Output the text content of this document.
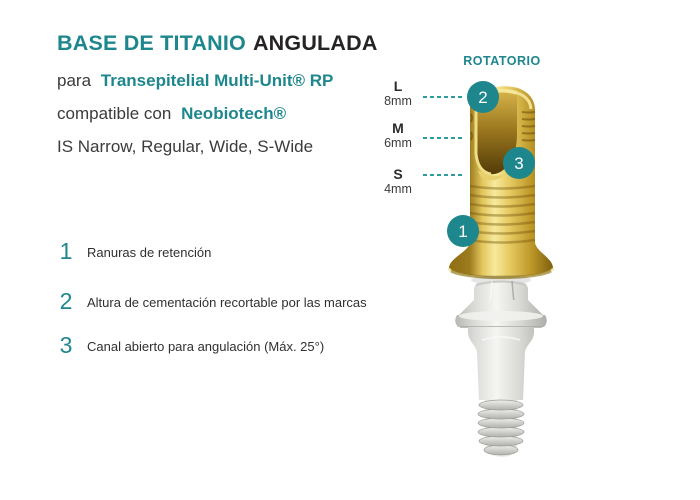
BASE DE TITANIO ANGULADA

para Transepitelial Multi-Unit® RP

compatible con Neobiotech®

IS Narrow, Regular, Wide, S-Wide

1 Ranuras de retención
2 Altura de cementación recortable por las marcas
3 Canal abierto para angulación (Máx. 25°)
ROTATORIO
L
8mm
M
6mm
S
4mm
1
2
3
